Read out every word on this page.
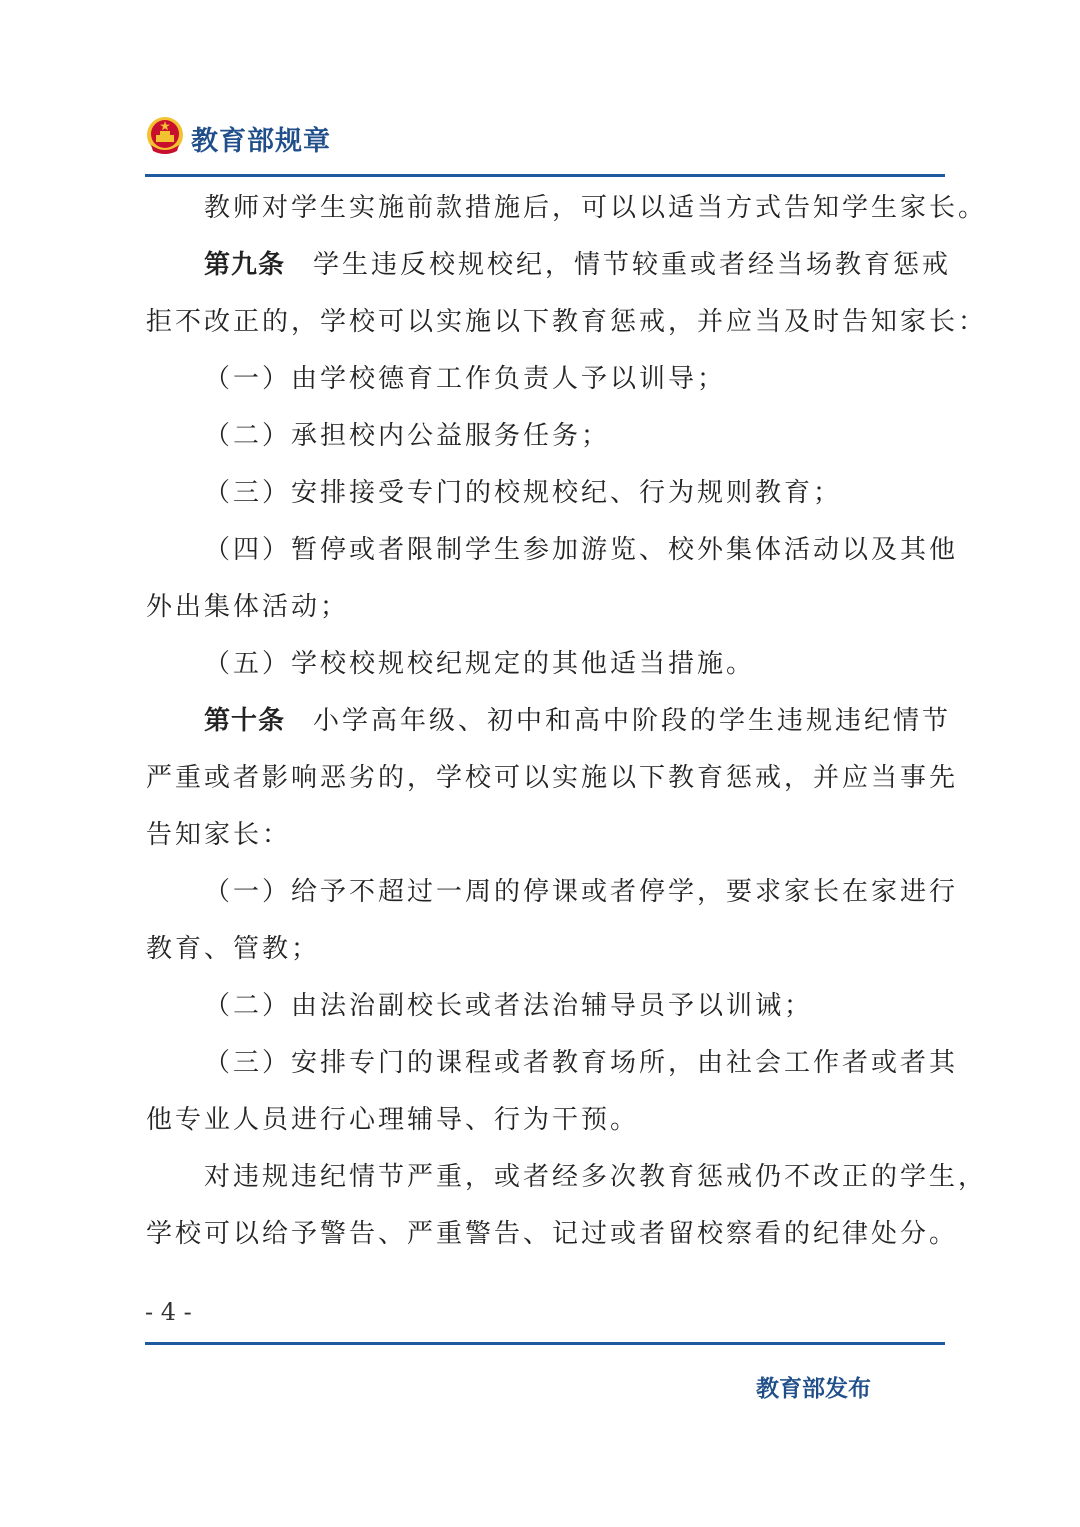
教育部规章
教师对学生实施前款措施后，可以以适当方式告知学生家长。
第九条 学生违反校规校纪，情节较重或者经当场教育惩戒
拒不改正的，学校可以实施以下教育惩戒，并应当及时告知家长：
（一）由学校德育工作负责人予以训导；
（二）承担校内公益服务任务；
（三）安排接受专门的校规校纪、行为规则教育；
（四）暂停或者限制学生参加游览、校外集体活动以及其他
外出集体活动；
（五）学校校规校纪规定的其他适当措施。
第十条 小学高年级、初中和高中阶段的学生违规违纪情节
严重或者影响恶劣的，学校可以实施以下教育惩戒，并应当事先
告知家长：
（一）给予不超过一周的停课或者停学，要求家长在家进行
教育、管教；
（二）由法治副校长或者法治辅导员予以训诫；
（三）安排专门的课程或者教育场所，由社会工作者或者其
他专业人员进行心理辅导、行为干预。
对违规违纪情节严重，或者经多次教育惩戒仍不改正的学生，
学校可以给予警告、严重警告、记过或者留校察看的纪律处分。
- 4 -
教育部发布
